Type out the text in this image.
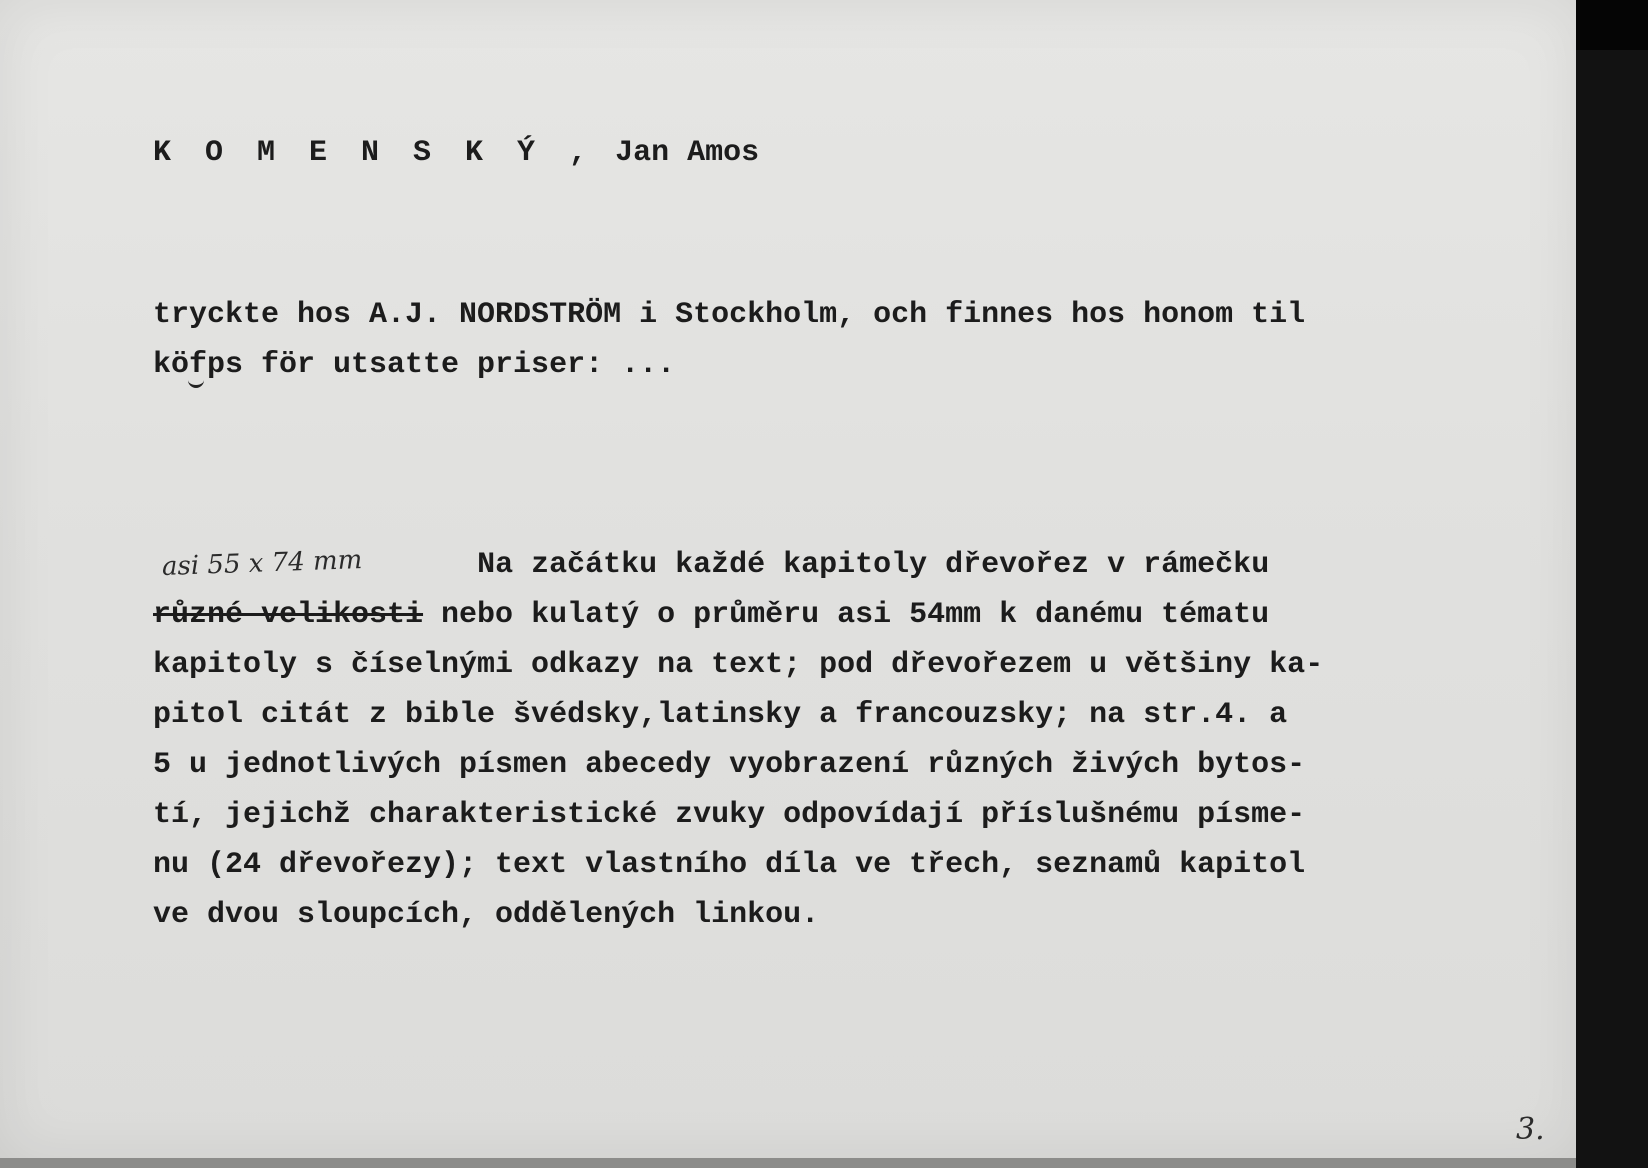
K O M E N S K Ý , Jan Amos
tryckte hos A.J. NORDSTRÖM i Stockholm, och finnes hos honom til
köfps för utsatte priser: ...
asi 55 x 74 mm	Na začátku každé kapitoly dřevořez v rámečku
různé velikosti nebo kulatý o průměru asi 54mm k danému tématu
kapitoly s číselnými odkazy na text; pod dřevořezem u většiny ka-
pitol citát z bible švédsky,latinsky a francouzsky; na str.4. a
5 u jednotlivých písmen abecedy vyobrazení různých živých bytos-
tí, jejichž charakteristické zvuky odpovídají příslušnému písme-
nu (24 dřevořezy); text vlastního díla ve třech, seznamů kapitol
ve dvou sloupcích, oddělených linkou.
3.
